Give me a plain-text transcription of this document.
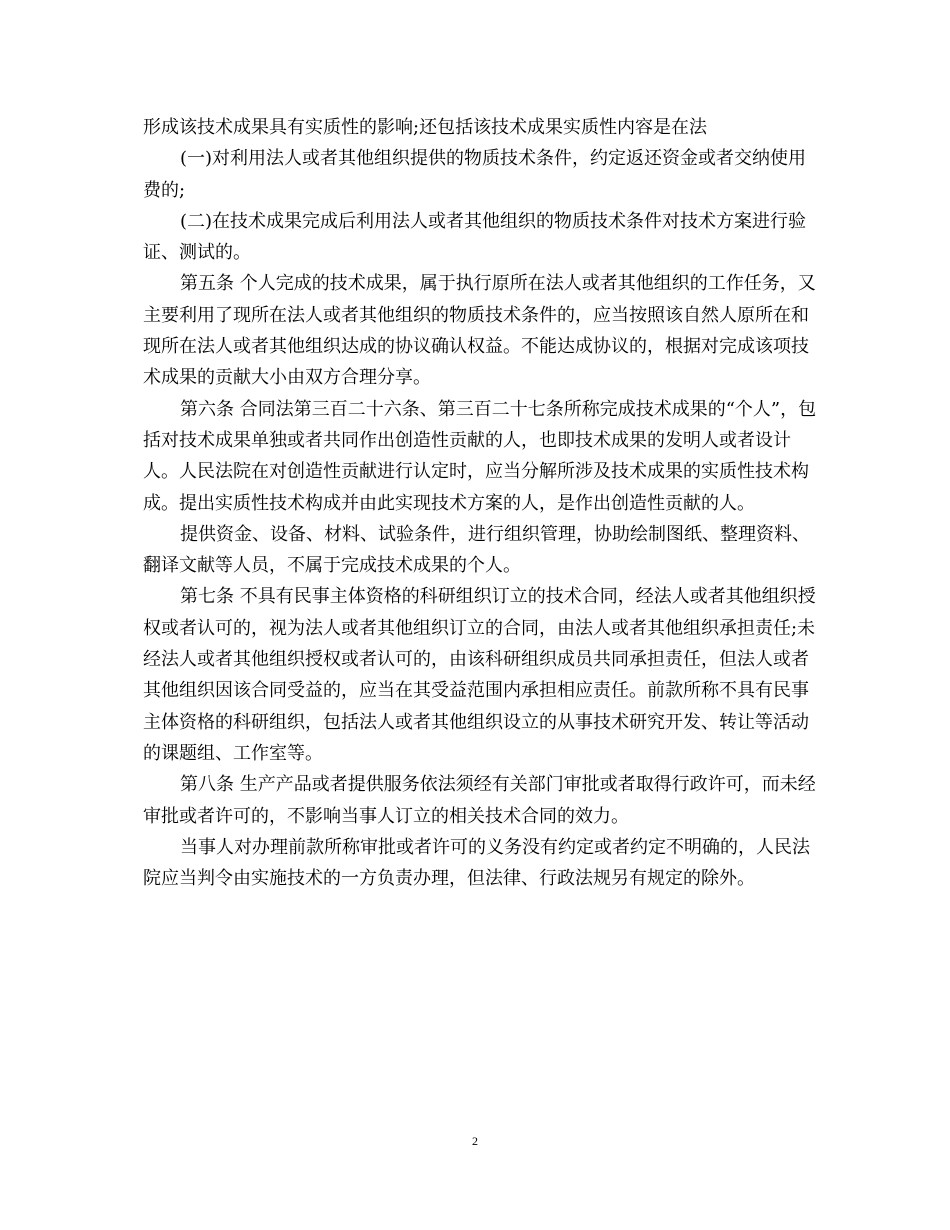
形成该技术成果具有实质性的影响;还包括该技术成果实质性内容是在法

(一)对利用法人或者其他组织提供的物质技术条件，约定返还资金或者交纳使用费的;

(二)在技术成果完成后利用法人或者其他组织的物质技术条件对技术方案进行验证、测试的。

第五条 个人完成的技术成果，属于执行原所在法人或者其他组织的工作任务，又主要利用了现所在法人或者其他组织的物质技术条件的，应当按照该自然人原所在和现所在法人或者其他组织达成的协议确认权益。不能达成协议的，根据对完成该项技术成果的贡献大小由双方合理分享。

第六条 合同法第三百二十六条、第三百二十七条所称完成技术成果的“个人”，包括对技术成果单独或者共同作出创造性贡献的人，也即技术成果的发明人或者设计人。人民法院在对创造性贡献进行认定时，应当分解所涉及技术成果的实质性技术构成。提出实质性技术构成并由此实现技术方案的人，是作出创造性贡献的人。

提供资金、设备、材料、试验条件，进行组织管理，协助绘制图纸、整理资料、翻译文献等人员，不属于完成技术成果的个人。

第七条 不具有民事主体资格的科研组织订立的技术合同，经法人或者其他组织授权或者认可的，视为法人或者其他组织订立的合同，由法人或者其他组织承担责任;未经法人或者其他组织授权或者认可的，由该科研组织成员共同承担责任，但法人或者其他组织因该合同受益的，应当在其受益范围内承担相应责任。前款所称不具有民事主体资格的科研组织，包括法人或者其他组织设立的从事技术研究开发、转让等活动的课题组、工作室等。

第八条 生产产品或者提供服务依法须经有关部门审批或者取得行政许可，而未经审批或者许可的，不影响当事人订立的相关技术合同的效力。

当事人对办理前款所称审批或者许可的义务没有约定或者约定不明确的，人民法院应当判令由实施技术的一方负责办理，但法律、行政法规另有规定的除外。

2
